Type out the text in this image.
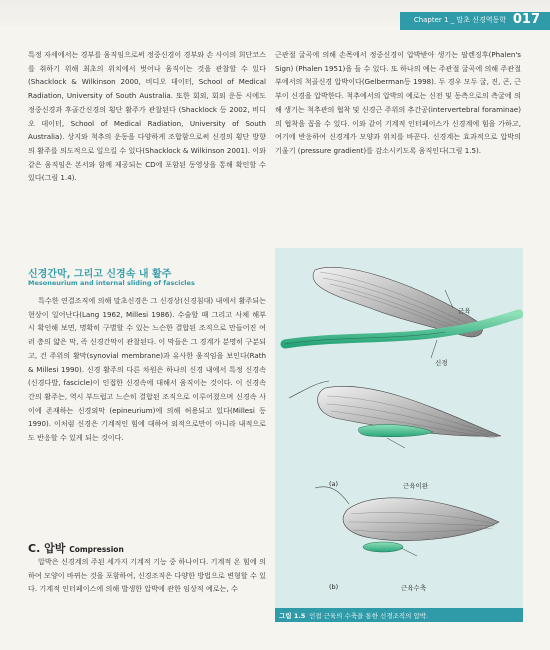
Chapter 1 _ 말초 신경역동학 017

특정 자세에서는 경부를 움직임으로써 정중신경이 경부와 손 사이의 희단코스를 취하기 위해 최초의 위치에서 벗어나 움직이는 것을 관찰할 수 있다(Shacklock & Wilkinson 2000, 비디오 데이터, School of Medical Radiation, University of South Australia. 또한 회외, 회외 운동 시에도 정중신경과 후골간신경의 횡단 활주가 관찰된다 (Shacklock 등 2002, 비디오 데이터, School of Medical Radiation, University of South Australia). 상지와 척추의 운동을 다양하게 조합함으로써 신경의 횡단 방향의 활주를 의도적으로 일으킬 수 있다(Shacklock & Wilkinson 2001). 이와 같은 움직임은 본서와 함께 제공되는 CD에 포함된 동영상을 통해 확인할 수 있다(그림 1.4).

신경간막, 그리고 신경속 내 활주
Mesoneurium and internal sliding of fascicles

특수한 연결조직에 의해 말초신경은 그 신경상(신경침대) 내에서 활주되는 현상이 일어난다(Lang 1962, Millesi 1986). 수술할 때 그리고 사체 해부 시 확인해 보면, 명확히 구별할 수 있는 느슨한 결합된 조직으로 만들어진 여러 층의 얇은 막, 즉 신경간막이 관찰된다. 이 막들은 그 경계가 분명히 구분되고, 건 주위의 활막(synovial membrane)과 유사한 움직임을 보인다(Rath & Millesi 1990). 신경 활주의 다른 차원은 하나의 신경 내에서 특정 신경속(신경다발, fascicle)이 인접한 신경속에 대해서 움직이는 것이다. 이 신경속간의 활주는, 역시 부드럽고 느슨히 결합된 조직으로 이루어졌으며 신경속 사이에 존재하는 신경외막 (epineurium)에 의해 허용되고 있다(Millesi 등 1990). 이처럼 신경은 기계적인 힘에 대하여 외적으로만이 아니라 내적으로도 반응할 수 있게 되는 것이다.

C. 압박 Compression

압박은 신경계의 주된 세가지 기계적 기능 중 하나이다. 기계적 온 힘에 의하여 모양이 바뀌는 것을 포함하여, 신경조직은 다양한 방법으로 변형할 수 있다. 기계적 인터페이스에 의해 발생한 압박에 관한 임상적 예로는, 수

근관절 굴곡에 의해 손목에서 정중신경이 압박받아 생기는 팔렌징후(Phalen's Sign) (Phalen 1951)을 들 수 있다. 또 하나의 예는 주관절 굴곡에 의해 주관절부에서의 척골신경 압박이다(Gelberman등 1998). 두 경우 모두 굴, 진, 곤, 근부이 신경을 압박한다. 척추에서의 압박의 예로는 신전 및 동측으로의 측굴에 의해 생기는 척추관의 협착 및 신경근 주위의 추간공(intervertebral foraminae)의 협착을 꼽을 수 있다. 이와 같이 기계적 인터페이스가 신경계에 힘을 가하고, 여기에 반응하여 신경계가 모양과 위치를 바꾼다. 신경계는 효과적으로 압박의 기울기 (pressure gradient)를 감소시키도록 움직인다(그림 1.5).

근육
신경
(a)	근육이완
(b)	근육수축
그림 1.5 인접 근육의 수축을 통한 신경조직의 압박.
